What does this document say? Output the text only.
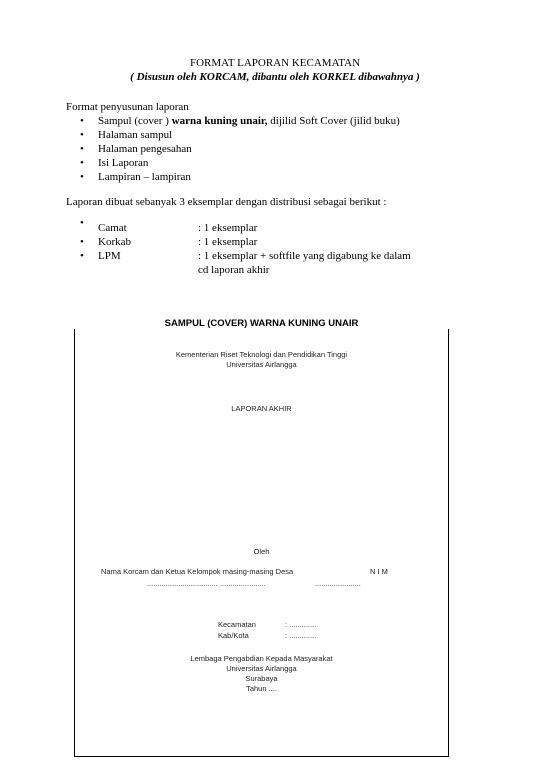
FORMAT LAPORAN KECAMATAN
( Disusun oleh KORCAM, dibantu oleh KORKEL dibawahnya )
Format penyusunan laporan
• Sampul (cover ) warna kuning unair, dijilid Soft Cover (jilid buku)
• Halaman sampul
• Halaman pengesahan
• Isi Laporan
• Lampiran – lampiran
Laporan dibuat sebanyak 3 eksemplar dengan distribusi sebagai berikut :
• Camat	: 1 eksemplar
• Korkab	: 1 eksemplar
• LPM	: 1 eksemplar + softfile yang digabung ke dalam
cd laporan akhir
SAMPUL (COVER) WARNA KUNING UNAIR
Kementerian Riset Teknologi dan Pendidikan Tinggi
Universitas Airlangga
LAPORAN AKHIR
Oleh
Nama Korcam dan Ketua Kelompok masing-masing Desa	N I M
.................................. ......................	......................
Kecamatan	: .............
Kab/Kota	: .............
Lembaga Pengabdian Kepada Masyarakat
Universitas Airlangga
Surabaya
Tahun ....
